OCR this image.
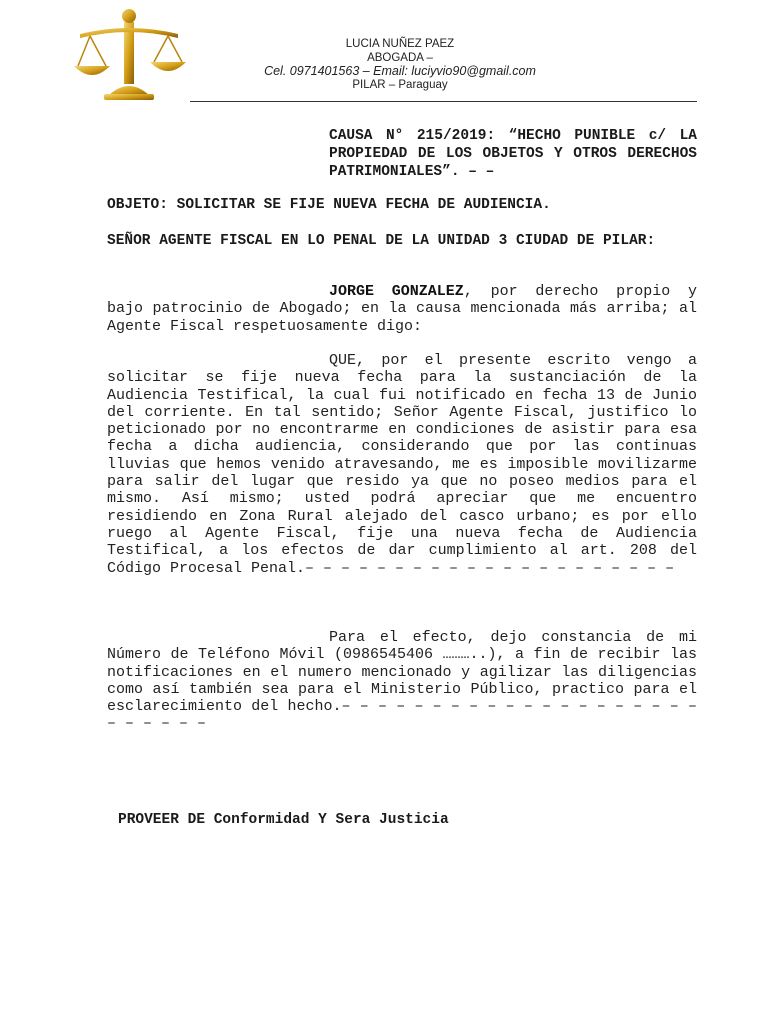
LUCIA NUÑEZ PAEZ
ABOGADA –
Cel. 0971401563 – Email: luciyvio90@gmail.com
PILAR – Paraguay
CAUSA N° 215/2019: “HECHO PUNIBLE c/ LA PROPIEDAD DE LOS OBJETOS Y OTROS DERECHOS PATRIMONIALES”. – –
OBJETO: SOLICITAR SE FIJE NUEVA FECHA DE AUDIENCIA.
SEÑOR AGENTE FISCAL EN LO PENAL DE LA UNIDAD 3 CIUDAD DE PILAR:
JORGE GONZALEZ, por derecho propio y bajo patrocinio de Abogado; en la causa mencionada más arriba; al Agente Fiscal respetuosamente digo:
QUE, por el presente escrito vengo a solicitar se fije nueva fecha para la sustanciación de la Audiencia Testifical, la cual fui notificado en fecha 13 de Junio del corriente. En tal sentido; Señor Agente Fiscal, justifico lo peticionado por no encontrarme en condiciones de asistir para esa fecha a dicha audiencia, considerando que por las continuas lluvias que hemos venido atravesando, me es imposible movilizarme para salir del lugar que resido ya que no poseo medios para el mismo. Así mismo; usted podrá apreciar que me encuentro residiendo en Zona Rural alejado del casco urbano; es por ello ruego al Agente Fiscal, fije una nueva fecha de Audiencia Testifical, a los efectos de dar cumplimiento al art. 208 del Código Procesal Penal.– – – – – – – – – – – – – – – – – – – – –
Para el efecto, dejo constancia de mi Número de Teléfono Móvil (0986545406 ………..), a fin de recibir las notificaciones en el numero mencionado y agilizar las diligencias como así también sea para el Ministerio Público, practico para el esclarecimiento del hecho.– – – – – – – – – – – – – – – – – – – – – – – – – –
PROVEER DE Conformidad Y Sera Justicia
